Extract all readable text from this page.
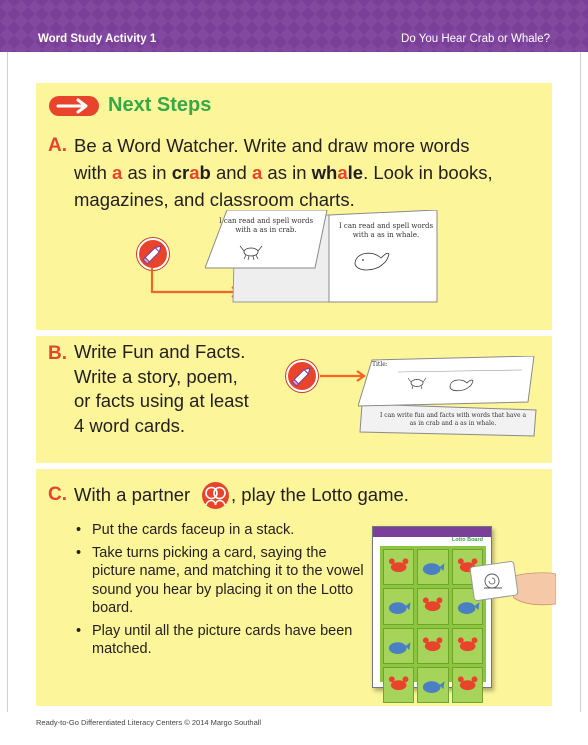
Word Study Activity 1	Do You Hear Crab or Whale?
Next Steps
A. Be a Word Watcher. Write and draw more words
with a as in crab and a as in whale. Look in books,
magazines, and classroom charts.
I can read and spell words with a as in crab.	I can read and spell words with a as in whale.
B. Write Fun and Facts.
Write a story, poem,
or facts using at least
4 word cards.
Title:
I can write fun and facts with words that have a as in crab and a as in whale.
C. With a partner , play the Lotto game.
• Put the cards faceup in a stack.
• Take turns picking a card, saying the picture name, and matching it to the vowel sound you hear by placing it on the Lotto board.
• Play until all the picture cards have been matched.
Lotto Board
Ready-to-Go Differentiated Literacy Centers © 2014 Margo Southall
